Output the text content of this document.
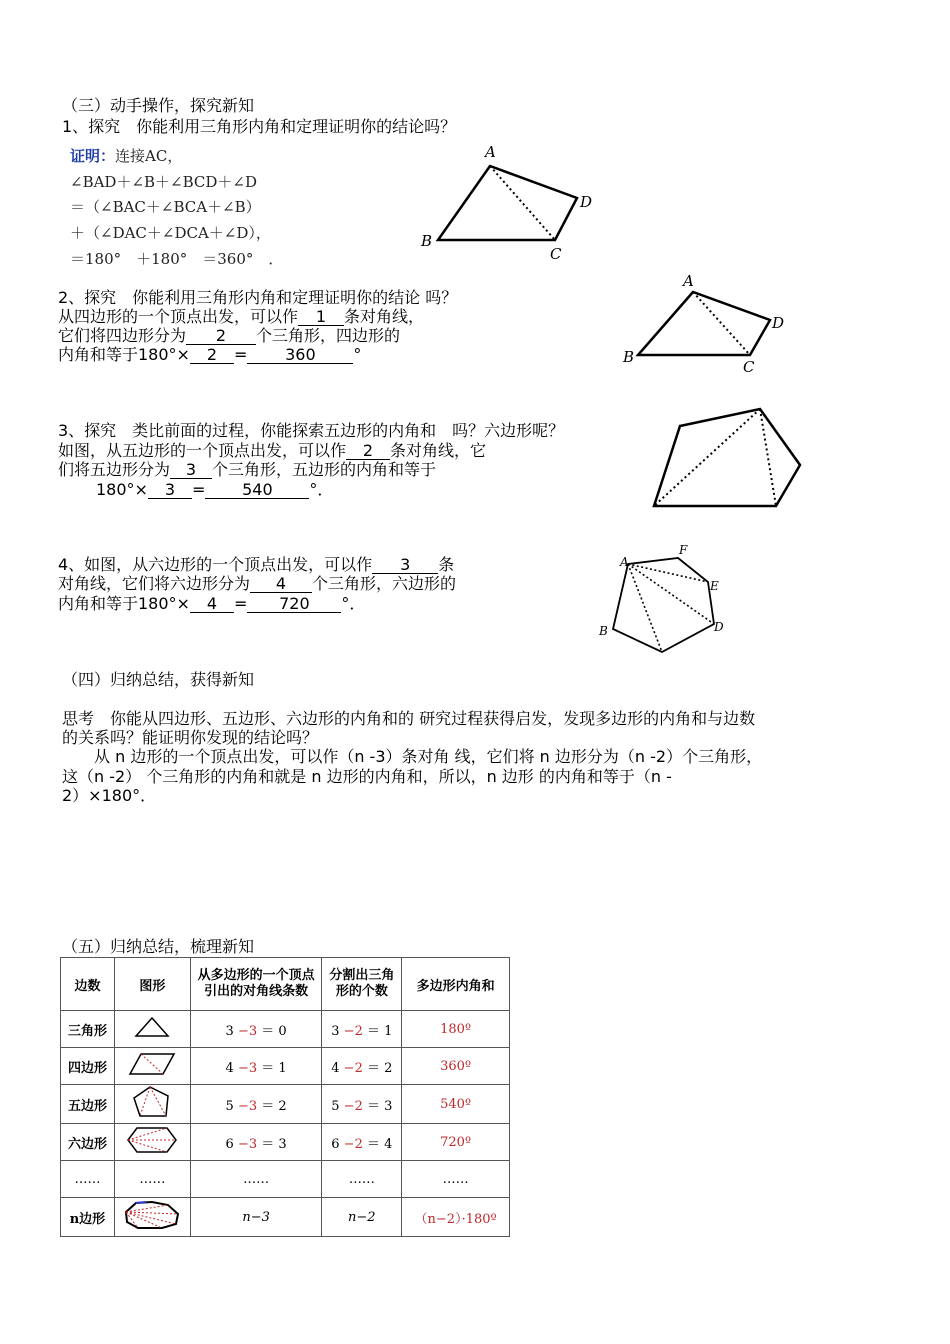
（三）动手操作，探究新知
1、探究　你能利用三角形内角和定理证明你的结论吗？
证明：连接AC，
∠BAD＋∠B＋∠BCD＋∠D
＝（∠BAC＋∠BCA＋∠B）
＋（∠DAC＋∠DCA＋∠D），
＝180°　＋180°　＝360°　．
A
B
C
D
2、探究　你能利用三角形内角和定理证明你的结论 吗？
从四边形的一个顶点出发，可以作 1 条对角线，
它们将四边形分为 2 个三角形，四边形的
内角和等于180°× 2 = 360 °
A
B
C
D
3、探究　类比前面的过程，你能探索五边形的内角和　吗？六边形呢？
如图，从五边形的一个顶点出发，可以作 2 条对角线，它
们将五边形分为 3 个三角形，五边形的内角和等于
180°× 3 = 540 °．
4、如图，从六边形的一个顶点出发，可以作 3 条
对角线，它们将六边形分为 4 个三角形，六边形的
内角和等于180°× 4 = 720 °．
A
F
E
D
B
（四）归纳总结，获得新知
思考　你能从四边形、五边形、六边形的内角和的 研究过程获得启发，发现多边形的内角和与边数
的关系吗？能证明你发现的结论吗？
　　从 n 边形的一个顶点出发，可以作（n -3）条对角 线，它们将 n 边形分为（n -2）个三角形，
这（n -2） 个三角形的内角和就是 n 边形的内角和，所以，n 边形 的内角和等于（n -
2）×180°．
（五）归纳总结，梳理新知
边数	图形	从多边形的一个顶点引出的对角线条数	分割出三角形的个数	多边形内角和
三角形		3 −3 ＝ 0	3 −2 ＝ 1	180º
四边形		4 −3 ＝ 1	4 −2 ＝ 2	360º
五边形		5 −3 ＝ 2	5 −2 ＝ 3	540º
六边形		6 −3 ＝ 3	6 −2 ＝ 4	720º
……	……	……	……	……
n边形		n−3	n−2	（n−2）·180º
